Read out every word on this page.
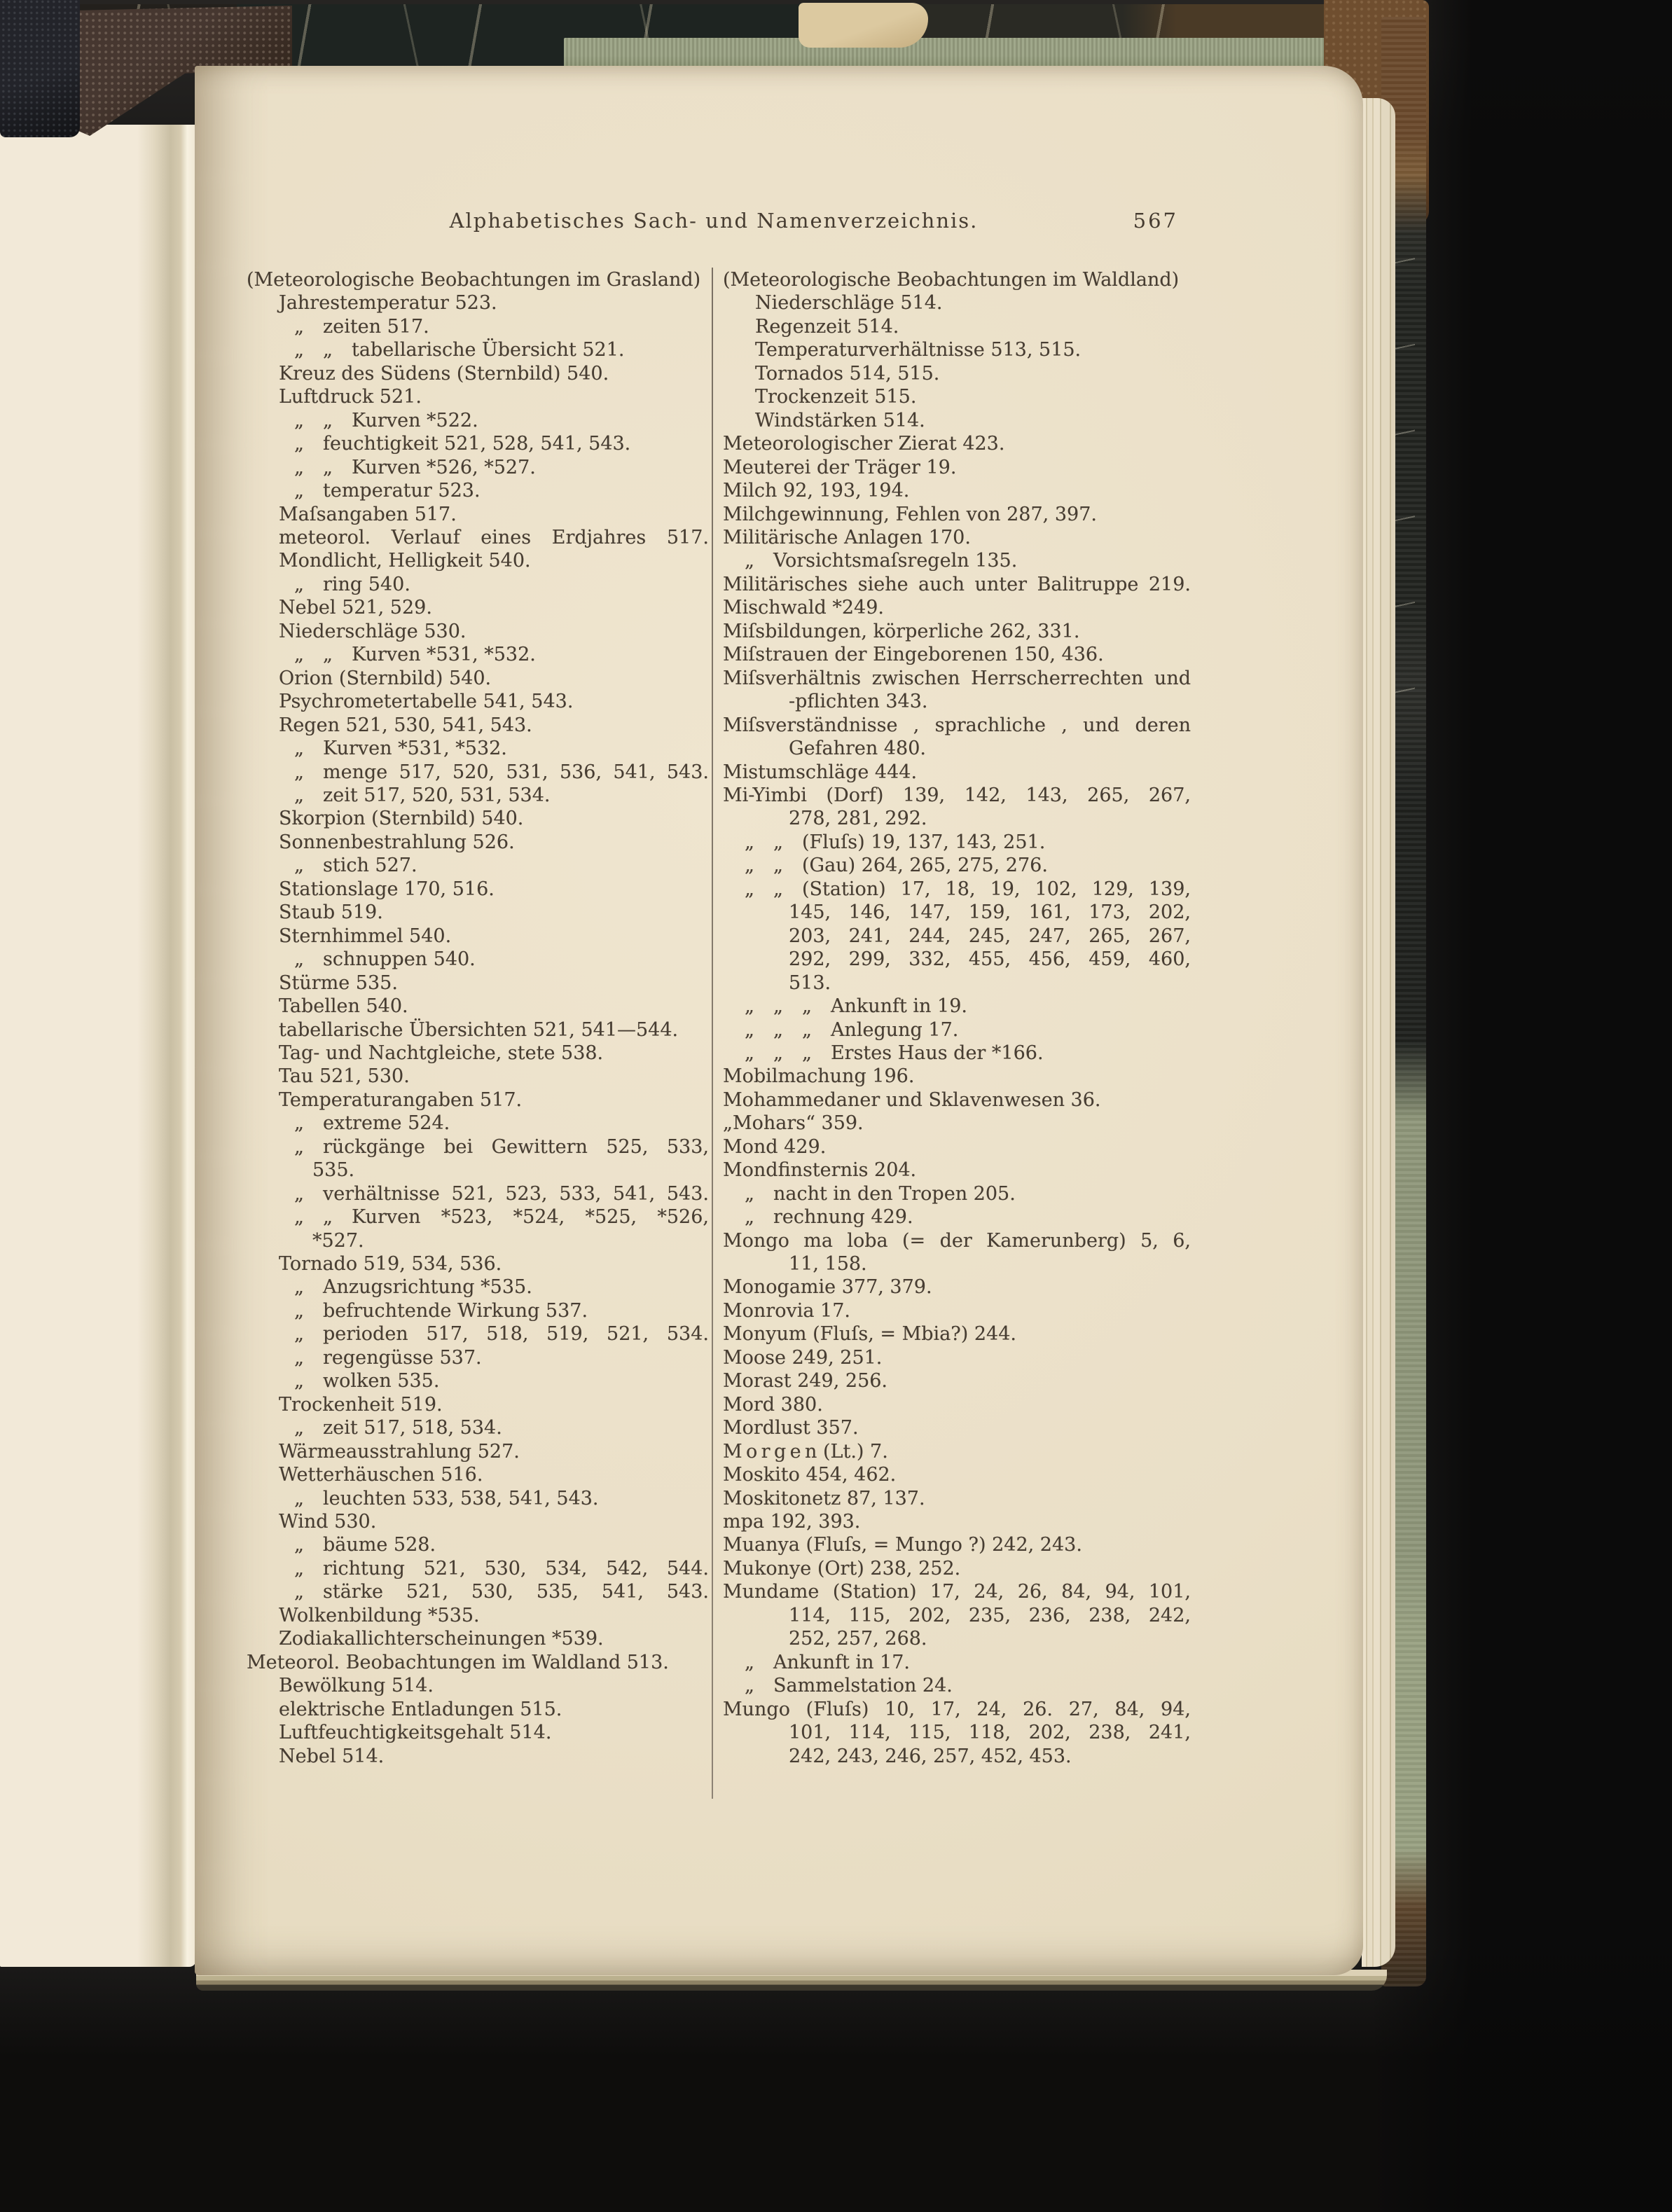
Alphabetisches Sach- und Namenverzeichnis.	567
(Meteorologische Beobachtungen im Grasland)
Jahrestemperatur 523.
„ zeiten 517.
„ „ tabellarische Übersicht 521.
Kreuz des Südens (Sternbild) 540.
Luftdruck 521.
„ „ Kurven *522.
„ feuchtigkeit 521, 528, 541, 543.
„ „ Kurven *526, *527.
„ temperatur 523.
Maſsangaben 517.
meteorol. Verlauf eines Erdjahres 517.
Mondlicht, Helligkeit 540.
„ ring 540.
Nebel 521, 529.
Niederschläge 530.
„ „ Kurven *531, *532.
Orion (Sternbild) 540.
Psychrometertabelle 541, 543.
Regen 521, 530, 541, 543.
„ Kurven *531, *532.
„ menge 517, 520, 531, 536, 541, 543.
„ zeit 517, 520, 531, 534.
Skorpion (Sternbild) 540.
Sonnenbestrahlung 526.
„ stich 527.
Stationslage 170, 516.
Staub 519.
Sternhimmel 540.
„ schnuppen 540.
Stürme 535.
Tabellen 540.
tabellarische Übersichten 521, 541—544.
Tag- und Nachtgleiche, stete 538.
Tau 521, 530.
Temperaturangaben 517.
„ extreme 524.
„ rückgänge bei Gewittern 525, 533,
535.
„ verhältnisse 521, 523, 533, 541, 543.
„ „ Kurven *523, *524, *525, *526,
*527.
Tornado 519, 534, 536.
„ Anzugsrichtung *535.
„ befruchtende Wirkung 537.
„ perioden 517, 518, 519, 521, 534.
„ regengüsse 537.
„ wolken 535.
Trockenheit 519.
„ zeit 517, 518, 534.
Wärmeausstrahlung 527.
Wetterhäuschen 516.
„ leuchten 533, 538, 541, 543.
Wind 530.
„ bäume 528.
„ richtung 521, 530, 534, 542, 544.
„ stärke 521, 530, 535, 541, 543.
Wolkenbildung *535.
Zodiakallichterscheinungen *539.
Meteorol. Beobachtungen im Waldland 513.
Bewölkung 514.
elektrische Entladungen 515.
Luftfeuchtigkeitsgehalt 514.
Nebel 514.
(Meteorologische Beobachtungen im Waldland)
Niederschläge 514.
Regenzeit 514.
Temperaturverhältnisse 513, 515.
Tornados 514, 515.
Trockenzeit 515.
Windstärken 514.
Meteorologischer Zierat 423.
Meuterei der Träger 19.
Milch 92, 193, 194.
Milchgewinnung, Fehlen von 287, 397.
Militärische Anlagen 170.
„ Vorsichtsmaſsregeln 135.
Militärisches siehe auch unter Balitruppe 219.
Mischwald *249.
Miſsbildungen, körperliche 262, 331.
Miſstrauen der Eingeborenen 150, 436.
Miſsverhältnis zwischen Herrscherrechten und
-pflichten 343.
Miſsverständnisse , sprachliche , und deren
Gefahren 480.
Mistumschläge 444.
Mi-Yimbi (Dorf) 139, 142, 143, 265, 267,
278, 281, 292.
„ „ (Fluſs) 19, 137, 143, 251.
„ „ (Gau) 264, 265, 275, 276.
„ „ (Station) 17, 18, 19, 102, 129, 139,
145, 146, 147, 159, 161, 173, 202,
203, 241, 244, 245, 247, 265, 267,
292, 299, 332, 455, 456, 459, 460,
513.
„ „ „ Ankunft in 19.
„ „ „ Anlegung 17.
„ „ „ Erstes Haus der *166.
Mobilmachung 196.
Mohammedaner und Sklavenwesen 36.
„Mohars“ 359.
Mond 429.
Mondfinsternis 204.
„ nacht in den Tropen 205.
„ rechnung 429.
Mongo ma loba (= der Kamerunberg) 5, 6,
11, 158.
Monogamie 377, 379.
Monrovia 17.
Monyum (Fluſs, = Mbia?) 244.
Moose 249, 251.
Morast 249, 256.
Mord 380.
Mordlust 357.
M o r g e n (Lt.) 7.
Moskito 454, 462.
Moskitonetz 87, 137.
mpa 192, 393.
Muanya (Fluſs, = Mungo ?) 242, 243.
Mukonye (Ort) 238, 252.
Mundame (Station) 17, 24, 26, 84, 94, 101,
114, 115, 202, 235, 236, 238, 242,
252, 257, 268.
„ Ankunft in 17.
„ Sammelstation 24.
Mungo (Fluſs) 10, 17, 24, 26. 27, 84, 94,
101, 114, 115, 118, 202, 238, 241,
242, 243, 246, 257, 452, 453.
